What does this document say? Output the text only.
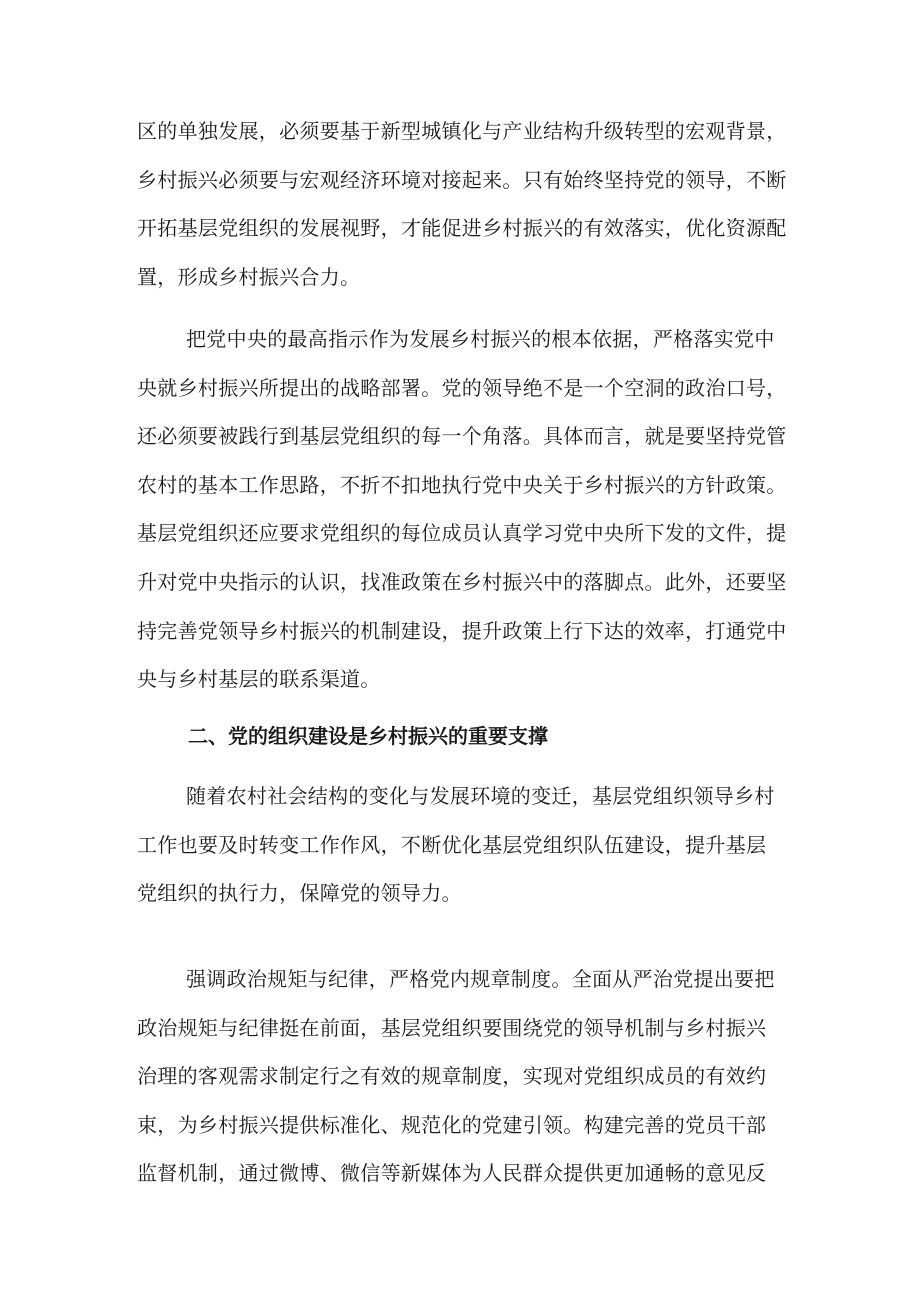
区的单独发展，必须要基于新型城镇化与产业结构升级转型的宏观背景，
乡村振兴必须要与宏观经济环境对接起来。只有始终坚持党的领导，不断
开拓基层党组织的发展视野，才能促进乡村振兴的有效落实，优化资源配
置，形成乡村振兴合力。
把党中央的最高指示作为发展乡村振兴的根本依据，严格落实党中
央就乡村振兴所提出的战略部署。党的领导绝不是一个空洞的政治口号，
还必须要被践行到基层党组织的每一个角落。具体而言，就是要坚持党管
农村的基本工作思路，不折不扣地执行党中央关于乡村振兴的方针政策。
基层党组织还应要求党组织的每位成员认真学习党中央所下发的文件，提
升对党中央指示的认识，找准政策在乡村振兴中的落脚点。此外，还要坚
持完善党领导乡村振兴的机制建设，提升政策上行下达的效率，打通党中
央与乡村基层的联系渠道。
二、党的组织建设是乡村振兴的重要支撑
随着农村社会结构的变化与发展环境的变迁，基层党组织领导乡村
工作也要及时转变工作作风，不断优化基层党组织队伍建设，提升基层
党组织的执行力，保障党的领导力。
强调政治规矩与纪律，严格党内规章制度。全面从严治党提出要把
政治规矩与纪律挺在前面，基层党组织要围绕党的领导机制与乡村振兴
治理的客观需求制定行之有效的规章制度，实现对党组织成员的有效约
束，为乡村振兴提供标准化、规范化的党建引领。构建完善的党员干部
监督机制，通过微博、微信等新媒体为人民群众提供更加通畅的意见反
